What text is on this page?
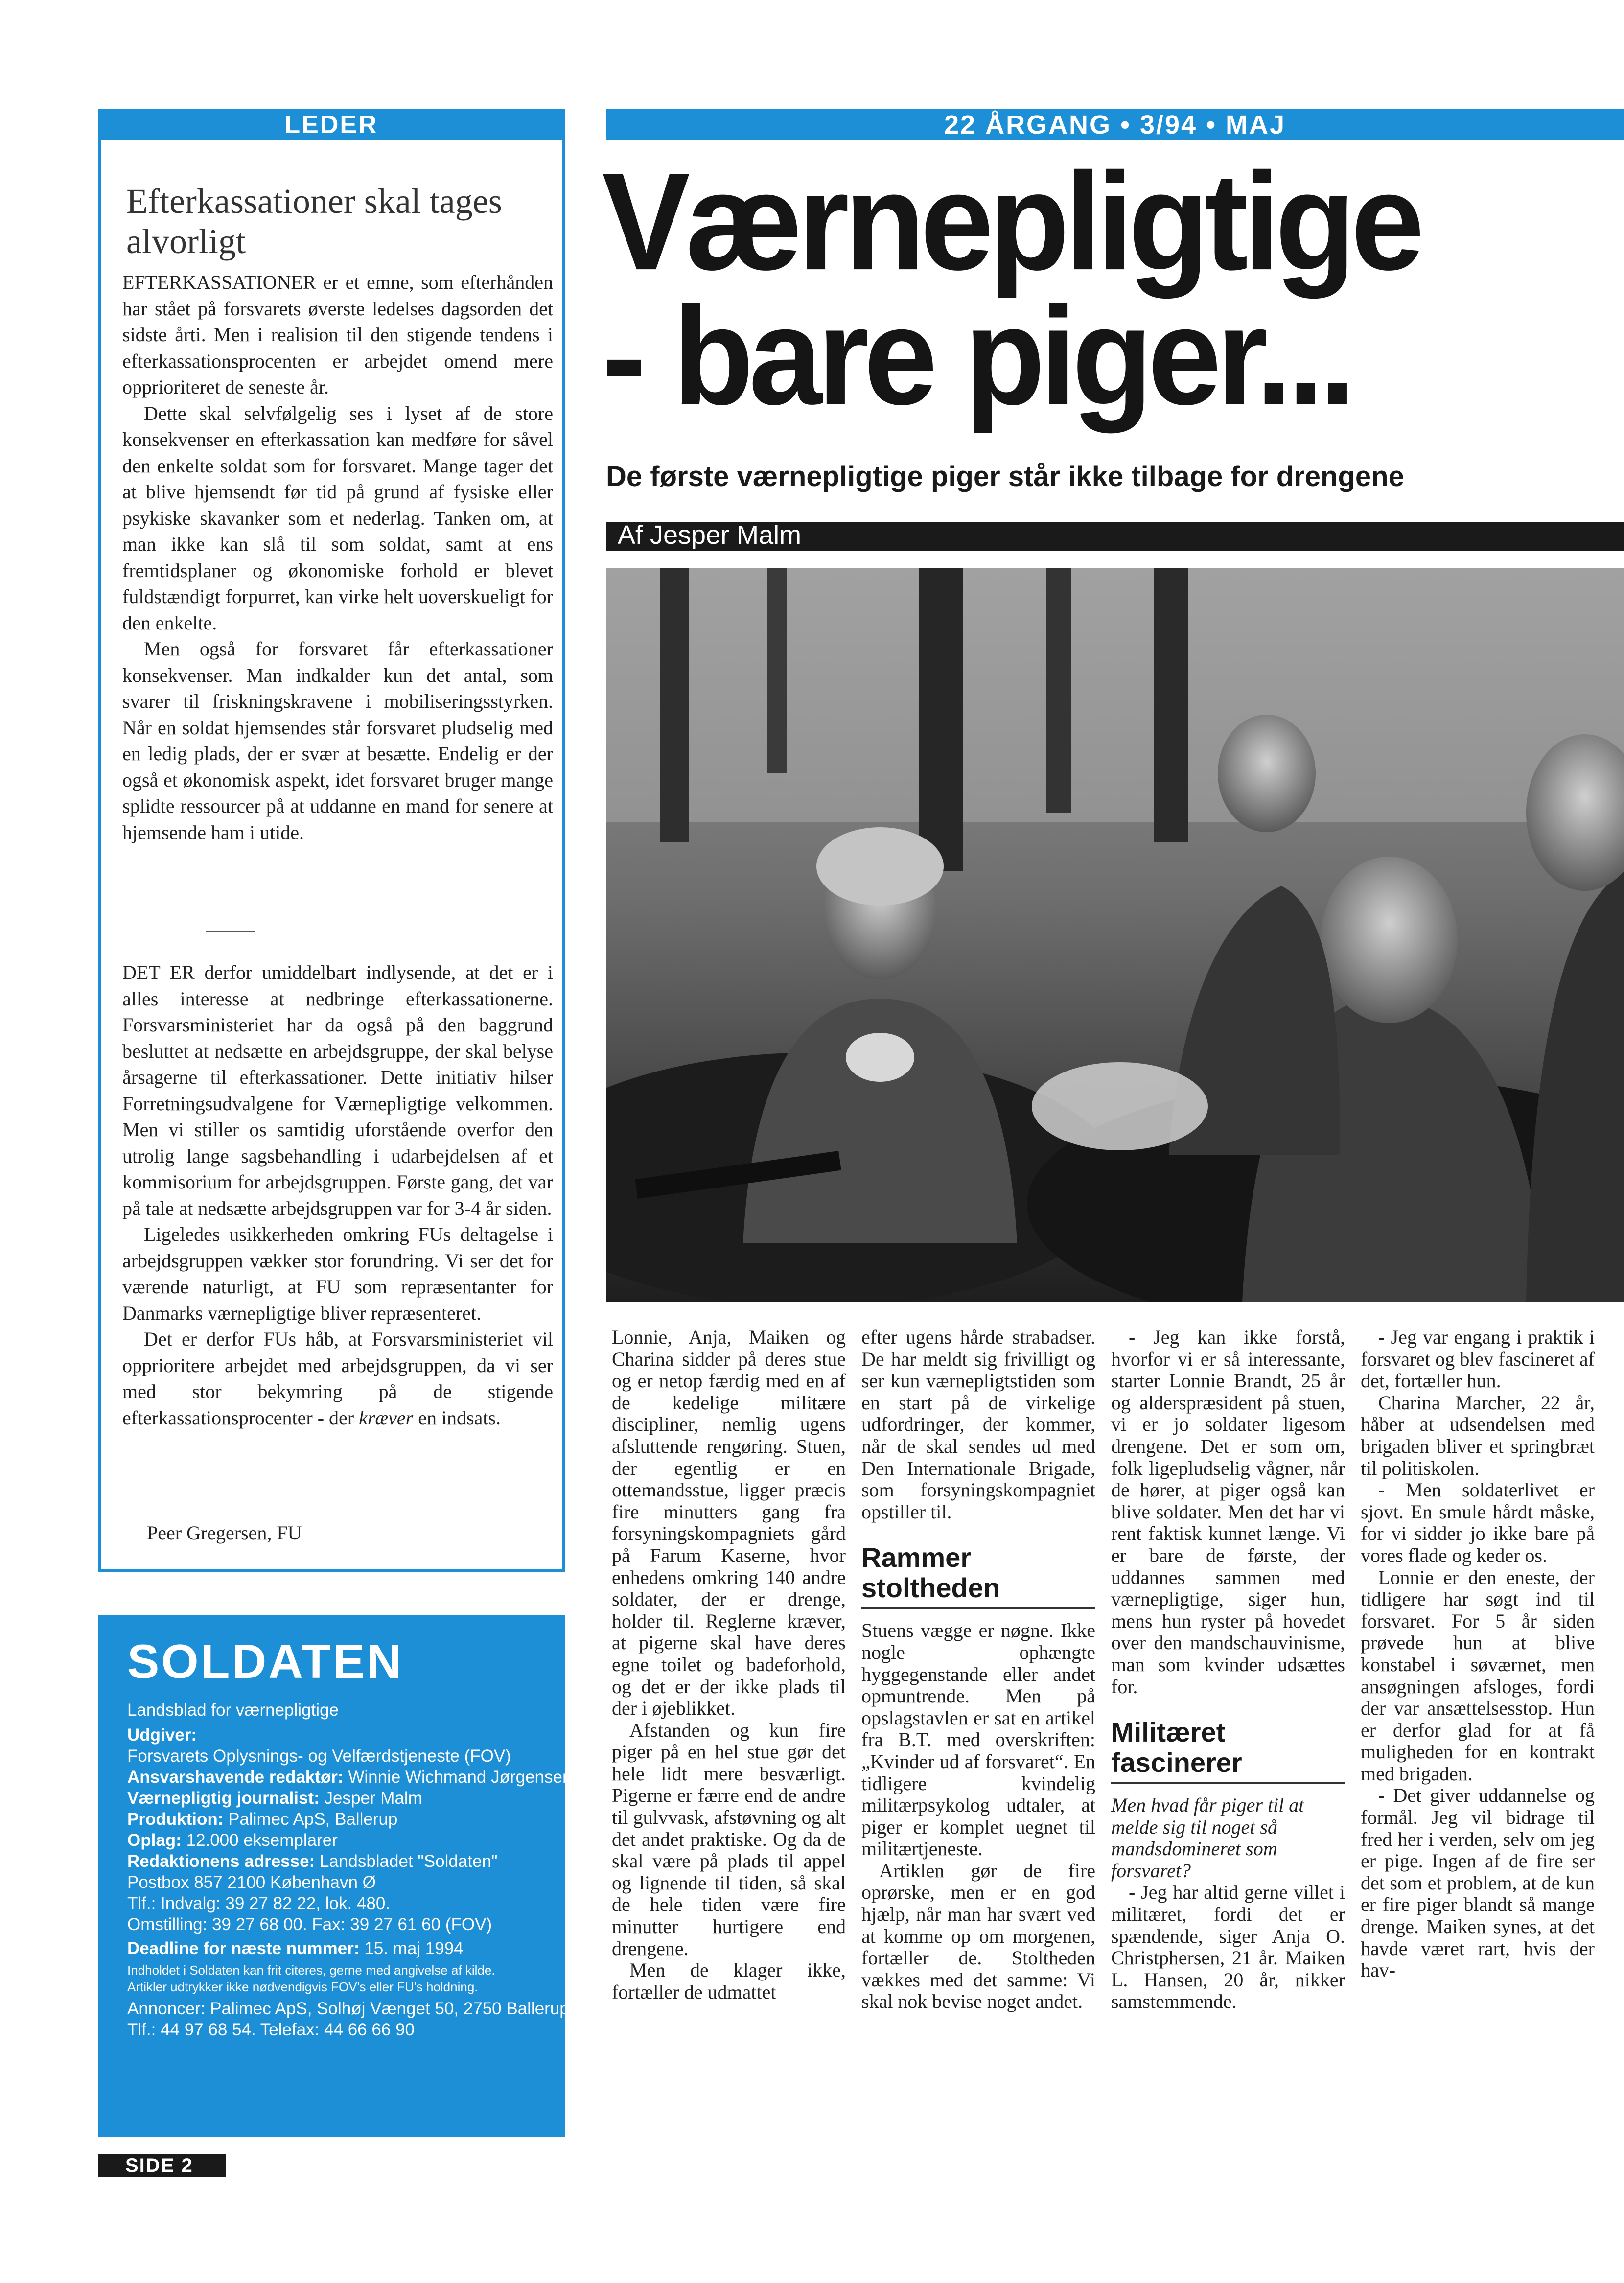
LEDER
Efterkassationer skal tages alvorligt

EFTERKASSATIONER er et emne, som efterhånden har stået på forsvarets øverste ledelses dagsorden det sidste årti. Men i realision til den stigende tendens i efterkassationsprocenten er arbejdet omend mere opprioriteret de seneste år.

Dette skal selvfølgelig ses i lyset af de store konsekvenser en efterkassation kan medføre for såvel den enkelte soldat som for forsvaret. Mange tager det at blive hjemsendt før tid på grund af fysiske eller psykiske skavanker som et nederlag. Tanken om, at man ikke kan slå til som soldat, samt at ens fremtidsplaner og økonomiske forhold er blevet fuldstændigt forpurret, kan virke helt uoverskueligt for den enkelte.

Men også for forsvaret får efterkassationer konsekvenser. Man indkalder kun det antal, som svarer til friskningskravene i mobiliseringsstyrken. Når en soldat hjemsendes står forsvaret pludselig med en ledig plads, der er svær at besætte. Endelig er der også et økonomisk aspekt, idet forsvaret bruger mange splidte ressourcer på at uddanne en mand for senere at hjemsende ham i utide.

DET ER derfor umiddelbart indlysende, at det er i alles interesse at nedbringe efterkassationerne. Forsvarsministeriet har da også på den baggrund besluttet at nedsætte en arbejdsgruppe, der skal belyse årsagerne til efterkassationer. Dette initiativ hilser Forretningsudvalgene for Værnepligtige velkommen. Men vi stiller os samtidig uforstående overfor den utrolig lange sagsbehandling i udarbejdelsen af et kommisorium for arbejdsgruppen. Første gang, det var på tale at nedsætte arbejdsgruppen var for 3-4 år siden.

Ligeledes usikkerheden omkring FUs deltagelse i arbejdsgruppen vækker stor forundring. Vi ser det for værende naturligt, at FU som repræsentanter for Danmarks værnepligtige bliver repræsenteret.

Det er derfor FUs håb, at Forsvarsministeriet vil opprioritere arbejdet med arbejdsgruppen, da vi ser med stor bekymring på de stigende efterkassationsprocenter - der kræver en indsats.

Peer Gregersen, FU
SOLDATEN
Landsblad for værnepligtige
Udgiver:
Forsvarets Oplysnings- og Velfærdstjeneste (FOV)
Ansvarshavende redaktør: Winnie Wichmand Jørgensen
Værnepligtig journalist: Jesper Malm
Produktion: Palimec ApS, Ballerup
Oplag: 12.000 eksemplarer
Redaktionens adresse: Landsbladet "Soldaten"
Postbox 857 2100 København Ø
Tlf.: Indvalg: 39 27 82 22, lok. 480.
Omstilling: 39 27 68 00. Fax: 39 27 61 60 (FOV)
Deadline for næste nummer: 15. maj 1994
Indholdet i Soldaten kan frit citeres, gerne med angivelse af kilde.
Artikler udtrykker ikke nødvendigvis FOV's eller FU's holdning.
Annoncer: Palimec ApS, Solhøj Vænget 50, 2750 Ballerup
Tlf.: 44 97 68 54. Telefax: 44 66 66 90
SIDE 2
22 ÅRGANG • 3/94 • MAJ
Værnepligtige
- bare piger...
De første værnepligtige piger står ikke tilbage for drengene
Af Jesper Malm

Lonnie, Anja, Maiken og Charina sidder på deres stue og er netop færdig med en af de kedelige militære discipliner, nemlig ugens afsluttende rengøring. Stuen, der egentlig er en ottemandsstue, ligger præcis fire minutters gang fra forsyningskompagniets gård på Farum Kaserne, hvor enhedens omkring 140 andre soldater, der er drenge, holder til. Reglerne kræver, at pigerne skal have deres egne toilet og badeforhold, og det er der ikke plads til der i øjeblikket.

Afstanden og kun fire piger på en hel stue gør det hele lidt mere besværligt. Pigerne er færre end de andre til gulvvask, afstøvning og alt det andet praktiske. Og da de skal være på plads til appel og lignende til tiden, så skal de hele tiden være fire minutter hurtigere end drengene.

Men de klager ikke, fortæller de udmattet

efter ugens hårde strabadser. De har meldt sig frivilligt og ser kun værnepligtstiden som en start på de virkelige udfordringer, der kommer, når de skal sendes ud med Den Internationale Brigade, som forsyningskompagniet opstiller til.

Rammer stoltheden

Stuens vægge er nøgne. Ikke nogle ophængte hyggegenstande eller andet opmuntrende. Men på opslagstavlen er sat en artikel fra B.T. med overskriften: „Kvinder ud af forsvaret“. En tidligere kvindelig militærpsykolog udtaler, at piger er komplet uegnet til militærtjeneste.

Artiklen gør de fire oprørske, men er en god hjælp, når man har svært ved at komme op om morgenen, fortæller de. Stoltheden vækkes med det samme: Vi skal nok bevise noget andet.

- Jeg kan ikke forstå, hvorfor vi er så interessante, starter Lonnie Brandt, 25 år og alderspræsident på stuen, vi er jo soldater ligesom drengene. Det er som om, folk ligepludselig vågner, når de hører, at piger også kan blive soldater. Men det har vi rent faktisk kunnet længe. Vi er bare de første, der uddannes sammen med værnepligtige, siger hun, mens hun ryster på hovedet over den mandschauvinisme, man som kvinder udsættes for.

Militæret fascinerer

Men hvad får piger til at melde sig til noget så mandsdomineret som forsvaret?

- Jeg har altid gerne villet i militæret, fordi det er spændende, siger Anja O. Christphersen, 21 år. Maiken L. Hansen, 20 år, nikker samstemmende.

- Jeg var engang i praktik i forsvaret og blev fascineret af det, fortæller hun.

Charina Marcher, 22 år, håber at udsendelsen med brigaden bliver et springbræt til politiskolen.

- Men soldaterlivet er sjovt. En smule hårdt måske, for vi sidder jo ikke bare på vores flade og keder os.

Lonnie er den eneste, der tidligere har søgt ind til forsvaret. For 5 år siden prøvede hun at blive konstabel i søværnet, men ansøgningen afsloges, fordi der var ansættelsesstop. Hun er derfor glad for at få muligheden for en kontrakt med brigaden.

- Det giver uddannelse og formål. Jeg vil bidrage til fred her i verden, selv om jeg er pige. Ingen af de fire ser det som et problem, at de kun er fire piger blandt så mange drenge. Maiken synes, at det havde været rart, hvis der hav-
